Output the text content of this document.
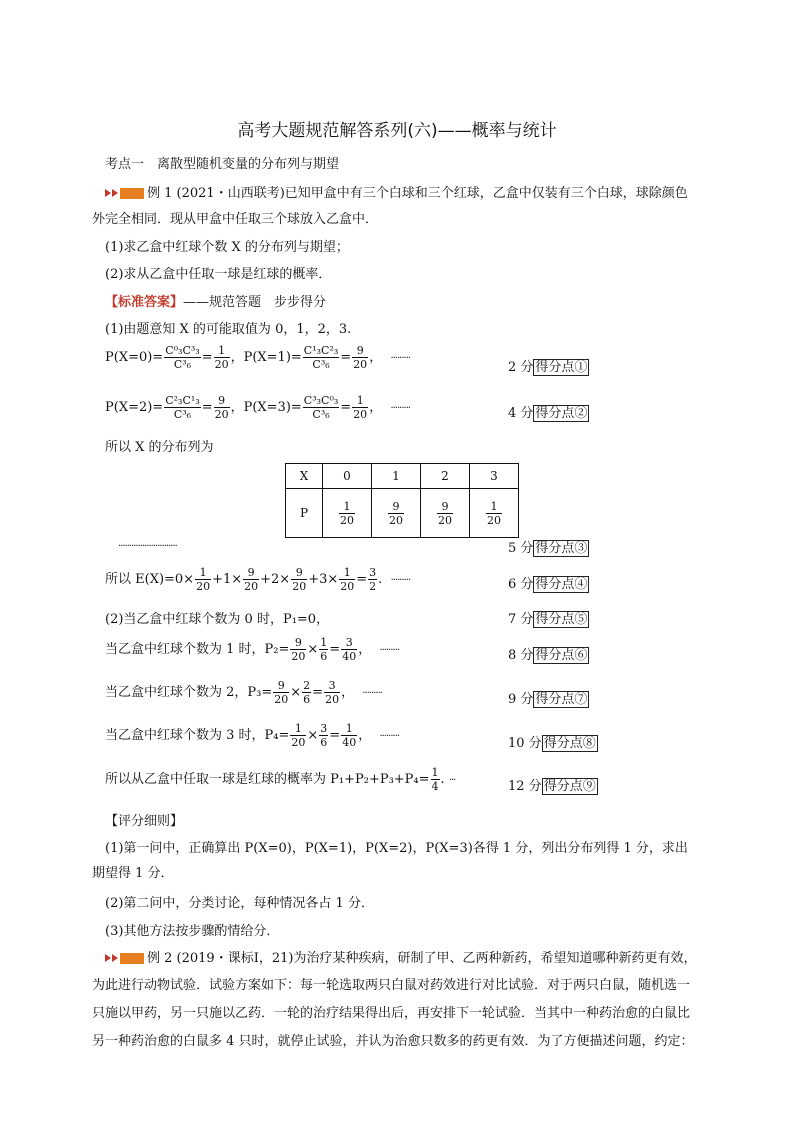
高考大题规范解答系列(六)——概率与统计
考点一　离散型随机变量的分布列与期望
例 1 (2021・山西联考)已知甲盒中有三个白球和三个红球，乙盒中仅装有三个白球，球除颜色
外完全相同．现从甲盒中任取三个球放入乙盒中．
(1)求乙盒中红球个数 X 的分布列与期望；
(2)求从乙盒中任取一球是红球的概率．
【标准答案】——规范答题　步步得分
(1)由题意知 X 的可能取值为 0，1，2，3.
$P(X=0)= \frac{\text{C⁰₃C³₃}}{\text{C³₆}} = \frac{1}{20}$ ，$P(X=1)= \frac{\text{C¹₃C²₃}}{\text{C³₆}} = \frac{9}{20}$ ，  ·········
2 分 得分点①
$P(X=2)= \frac{\text{C²₃C¹₃}}{\text{C³₆}} = \frac{9}{20}$ ，$P(X=3)= \frac{\text{C³₃C⁰₃}}{\text{C³₆}} = \frac{1}{20}$ ，  ·········	4 分 得分点②
所以 X 的分布列为
X	0	1	2	3
P	$\frac{1}{20}$	$\frac{9}{20}$	$\frac{9}{20}$	$\frac{1}{20}$
···························	5 分 得分点③
所以 $E(X)=0\times \frac{1}{20} +1\times \frac{9}{20} +2\times \frac{9}{20} +3\times \frac{1}{20} = \frac{3}{2}$ .  ·········	6 分 得分点④
(2)当乙盒中红球个数为 0 时，P₁=0，	7 分 得分点⑤
当乙盒中红球个数为 1 时，$P_2= \frac{9}{20} \times \frac{1}{6} = \frac{3}{40}$ ，  ·········	8 分 得分点⑥
当乙盒中红球个数为 2，$P_3= \frac{9}{20} \times \frac{2}{6} = \frac{3}{20}$ ，  ·········	9 分 得分点⑦
当乙盒中红球个数为 3 时，$P_4= \frac{1}{20} \times \frac{3}{6} = \frac{1}{40}$ ，  ·········	10 分 得分点⑧
所以从乙盒中任取一球是红球的概率为 $P_1+P_2+P_3+P_4= \frac{1}{4}$ . ···	12 分 得分点⑨
【评分细则】
(1)第一问中，正确算出 P(X=0)，P(X=1)，P(X=2)，P(X=3)各得 1 分，列出分布列得 1 分，求出
期望得 1 分．
(2)第二问中，分类讨论，每种情况各占 1 分．
(3)其他方法按步骤酌情给分．
例 2 (2019・课标Ⅰ，21)为治疗某种疾病，研制了甲、乙两种新药，希望知道哪种新药更有效，
为此进行动物试验．试验方案如下：每一轮选取两只白鼠对药效进行对比试验．对于两只白鼠，随机选一
只施以甲药，另一只施以乙药．一轮的治疗结果得出后，再安排下一轮试验．当其中一种药治愈的白鼠比
另一种药治愈的白鼠多 4 只时，就停止试验，并认为治愈只数多的药更有效．为了方便描述问题，约定：
